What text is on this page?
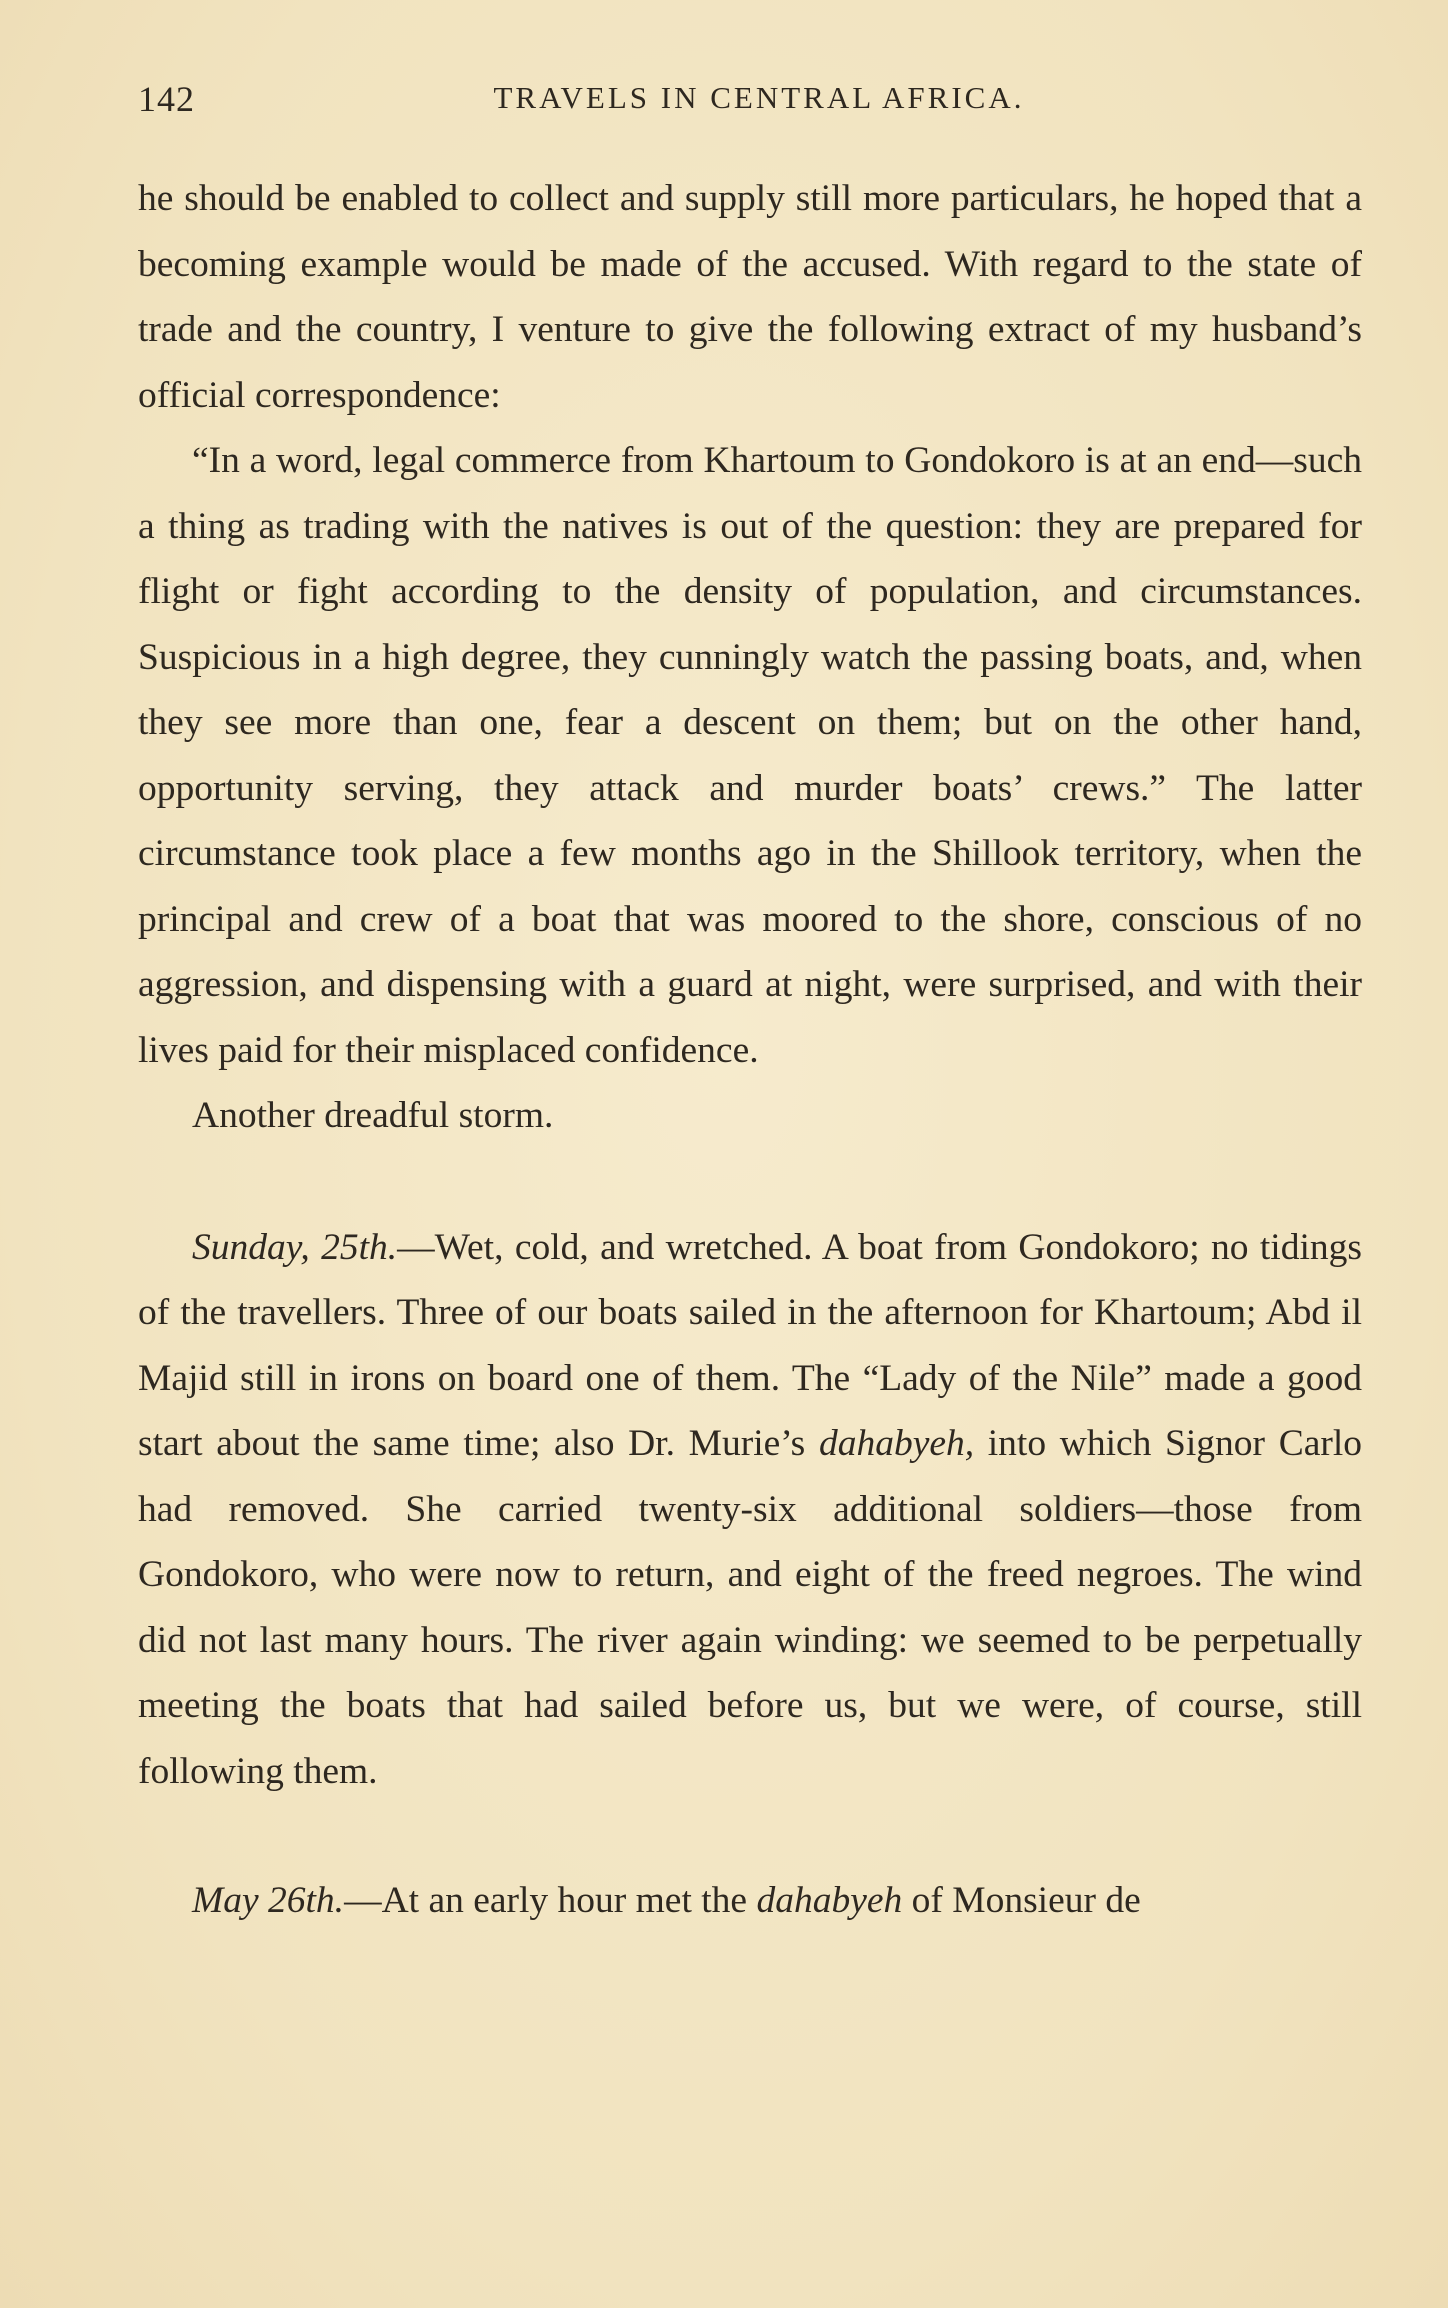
142	TRAVELS IN CENTRAL AFRICA.

he should be enabled to collect and supply still more particulars, he hoped that a becoming example would be made of the accused. With regard to the state of trade and the country, I venture to give the following extract of my husband’s official correspondence:

“In a word, legal commerce from Khartoum to Gondokoro is at an end—such a thing as trading with the natives is out of the question: they are prepared for flight or fight according to the density of population, and circumstances. Suspicious in a high degree, they cunningly watch the passing boats, and, when they see more than one, fear a descent on them; but on the other hand, opportunity serving, they attack and murder boats’ crews.” The latter circumstance took place a few months ago in the Shillook territory, when the principal and crew of a boat that was moored to the shore, conscious of no aggression, and dispensing with a guard at night, were surprised, and with their lives paid for their misplaced confidence.

Another dreadful storm.

Sunday, 25th.—Wet, cold, and wretched. A boat from Gondokoro; no tidings of the travellers. Three of our boats sailed in the afternoon for Khartoum; Abd il Majid still in irons on board one of them. The “Lady of the Nile” made a good start about the same time; also Dr. Murie’s dahabyeh, into which Signor Carlo had removed. She carried twenty-six additional soldiers—those from Gondokoro, who were now to return, and eight of the freed negroes. The wind did not last many hours. The river again winding: we seemed to be perpetually meeting the boats that had sailed before us, but we were, of course, still following them.

May 26th.—At an early hour met the dahabyeh of Monsieur de
